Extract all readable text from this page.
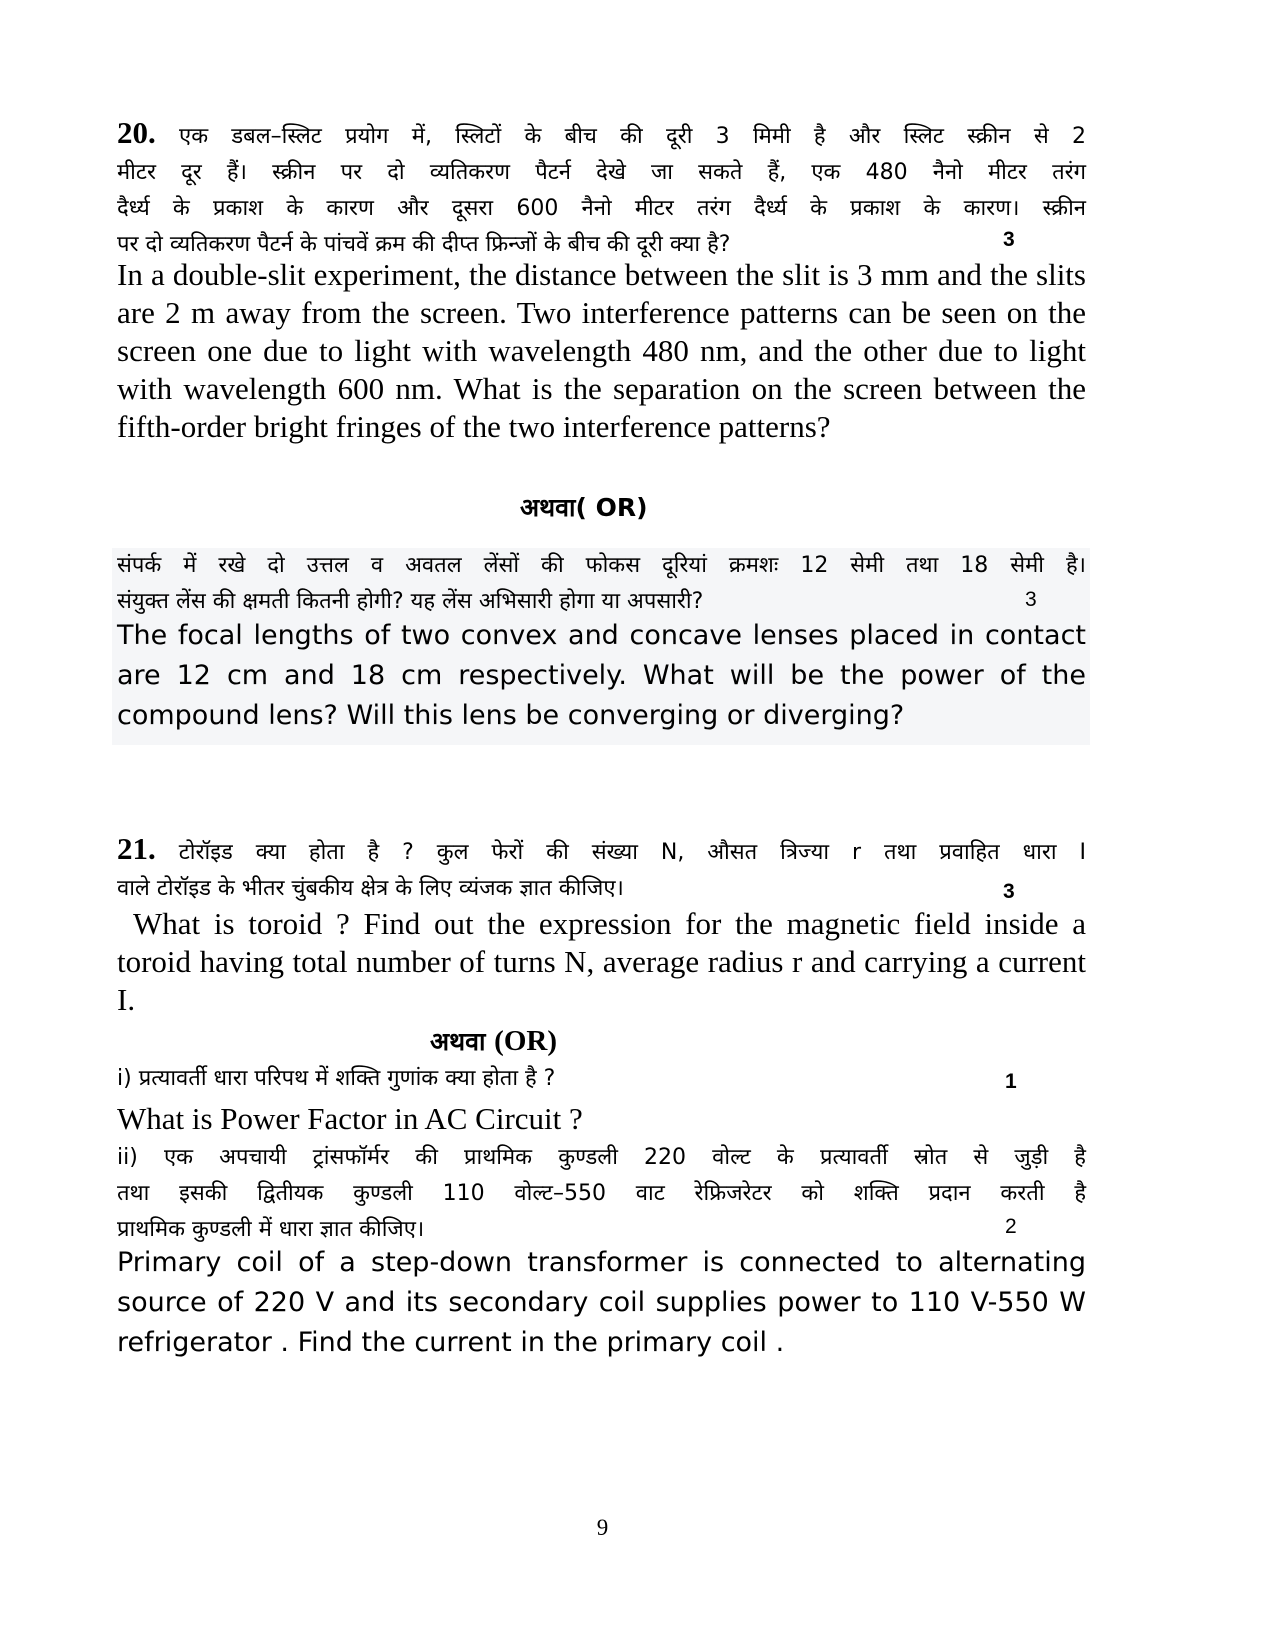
20. एक डबल–स्लिट प्रयोग में, स्लिटों के बीच की दूरी 3 मिमी है और स्लिट स्क्रीन से 2
मीटर दूर हैं। स्क्रीन पर दो व्यतिकरण पैटर्न देखे जा सकते हैं, एक 480 नैनो मीटर तरंग
दैर्ध्य के प्रकाश के कारण और दूसरा 600 नैनो मीटर तरंग दैर्ध्य के प्रकाश के कारण। स्क्रीन
पर दो व्यतिकरण पैटर्न के पांचवें क्रम की दीप्त फ्रिन्जों के बीच की दूरी क्या है?	3
In a double-slit experiment, the distance between the slit is 3 mm and the slits are 2 m away from the screen. Two interference patterns can be seen on the screen one due to light with wavelength 480 nm, and the other due to light with wavelength 600 nm. What is the separation on the screen between the fifth-order bright fringes of the two interference patterns?
अथवा( OR)
संपर्क में रखे दो उत्तल व अवतल लेंसों की फोकस दूरियां क्रमशः 12 सेमी तथा 18 सेमी है।
संयुक्त लेंस की क्षमती कितनी होगी? यह लेंस अभिसारी होगा या अपसारी?	3
The focal lengths of two convex and concave lenses placed in contact are 12 cm and 18 cm respectively. What will be the power of the compound lens? Will this lens be converging or diverging?
21. टोरॉइड क्या होता है ? कुल फेरों की संख्या N, औसत त्रिज्या r तथा प्रवाहित धारा I
वाले टोरॉइड के भीतर चुंबकीय क्षेत्र के लिए व्यंजक ज्ञात कीजिए।	3
What is toroid ? Find out the expression for the magnetic field inside a toroid having total number of turns N, average radius r and carrying a current I.
अथवा (OR)
i) प्रत्यावर्ती धारा परिपथ में शक्ति गुणांक क्या होता है ?	1
What is Power Factor in AC Circuit ?
ii) एक अपचायी ट्रांसफॉर्मर की प्राथमिक कुण्डली 220 वोल्ट के प्रत्यावर्ती स्रोत से जुड़ी है
तथा इसकी द्वितीयक कुण्डली 110 वोल्ट–550 वाट रेफ्रिजरेटर को शक्ति प्रदान करती है
प्राथमिक कुण्डली में धारा ज्ञात कीजिए।	2
Primary coil of a step-down transformer is connected to alternating source of 220 V and its secondary coil supplies power to 110 V-550 W refrigerator . Find the current in the primary coil .
9
